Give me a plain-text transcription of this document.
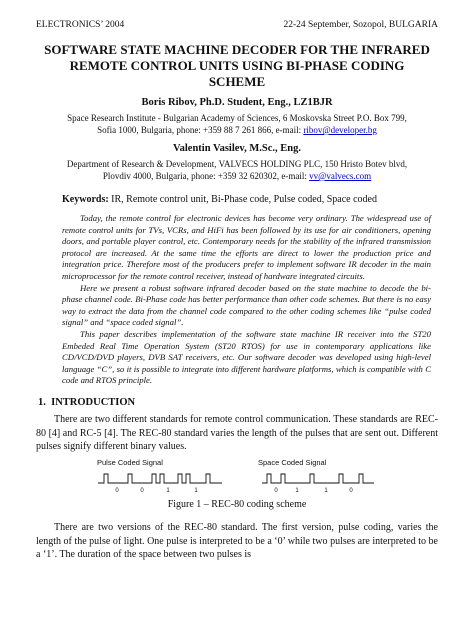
ELECTRONICS’ 2004	22-24 September, Sozopol, BULGARIA
SOFTWARE STATE MACHINE DECODER FOR THE INFRARED
REMOTE CONTROL UNITS USING BI-PHASE CODING
SCHEME
Boris Ribov, Ph.D. Student, Eng., LZ1BJR
Space Research Institute - Bulgarian Academy of Sciences, 6 Moskovska Street P.O. Box 799,
Sofia 1000, Bulgaria, phone: +359 88 7 261 866, e-mail: ribov@developer.bg
Valentin Vasilev, M.Sc., Eng.
Department of Research & Development, VALVECS HOLDING PLC, 150 Hristo Botev blvd,
Plovdiv 4000, Bulgaria, phone: +359 32 620302, e-mail: vv@valvecs.com
Keywords: IR, Remote control unit, Bi-Phase code, Pulse coded, Space coded

Today, the remote control for electronic devices has become very ordinary. The widespread use of remote control units for TVs, VCRs, and HiFi has been followed by its use for air conditioners, opening doors, and portable player control, etc. Contemporary needs for the stability of the infrared transmission protocol are increased. At the same time the efforts are direct to lower the production price and integration price. Therefore most of the producers prefer to implement software IR decoder in the main microprocessor for the remote control receiver, instead of hardware integrated circuits.

Here we present a robust software infrared decoder based on the state machine to decode the bi-phase channel code. Bi-Phase code has better performance than other code schemes. But there is no easy way to extract the data from the channel code compared to the other coding schemes like “pulse coded signal” and “space coded signal”.

This paper describes implementation of the software state machine IR receiver into the ST20 Embeded Real Time Operation System (ST20 RTOS) for use in contemporary applications like CD/VCD/DVD players, DVB SAT receivers, etc. Our software decoder was developed using high-level language “C”, so it is possible to integrate into different hardware platforms, which is compatible with C code and RTOS principle.

1. INTRODUCTION

There are two different standards for remote control communication. These standards are REC-80 [4] and RC-5 [4]. The REC-80 standard varies the length of the pulses that are sent out. Different pulses signify different binary values.

Pulse Coded Signal	Space Coded Signal
0	0	1	1	0	1	1	0
Figure 1 – REC-80 coding scheme

There are two versions of the REC-80 standard. The first version, pulse coding, varies the length of the pulse of light. One pulse is interpreted to be a ‘0’ while two pulses are interpreted to be a ‘1’. The duration of the space between two pulses is
